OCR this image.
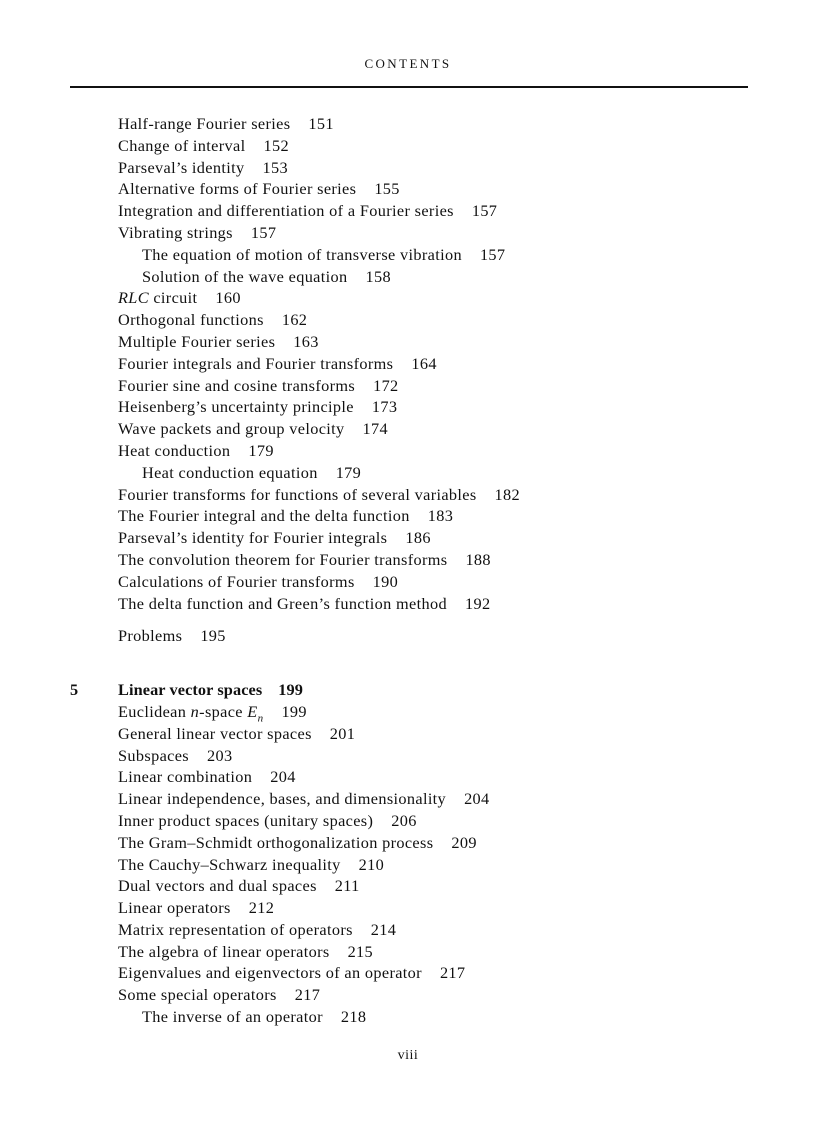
CONTENTS
Half-range Fourier series 151
Change of interval 152
Parseval’s identity 153
Alternative forms of Fourier series 155
Integration and differentiation of a Fourier series 157
Vibrating strings 157
The equation of motion of transverse vibration 157
Solution of the wave equation 158
RLC circuit 160
Orthogonal functions 162
Multiple Fourier series 163
Fourier integrals and Fourier transforms 164
Fourier sine and cosine transforms 172
Heisenberg’s uncertainty principle 173
Wave packets and group velocity 174
Heat conduction 179
Heat conduction equation 179
Fourier transforms for functions of several variables 182
The Fourier integral and the delta function 183
Parseval’s identity for Fourier integrals 186
The convolution theorem for Fourier transforms 188
Calculations of Fourier transforms 190
The delta function and Green’s function method 192
Problems 195
5 Linear vector spaces 199
Euclidean n-space $E_n$ 199
General linear vector spaces 201
Subspaces 203
Linear combination 204
Linear independence, bases, and dimensionality 204
Inner product spaces (unitary spaces) 206
The Gram–Schmidt orthogonalization process 209
The Cauchy–Schwarz inequality 210
Dual vectors and dual spaces 211
Linear operators 212
Matrix representation of operators 214
The algebra of linear operators 215
Eigenvalues and eigenvectors of an operator 217
Some special operators 217
The inverse of an operator 218
viii
